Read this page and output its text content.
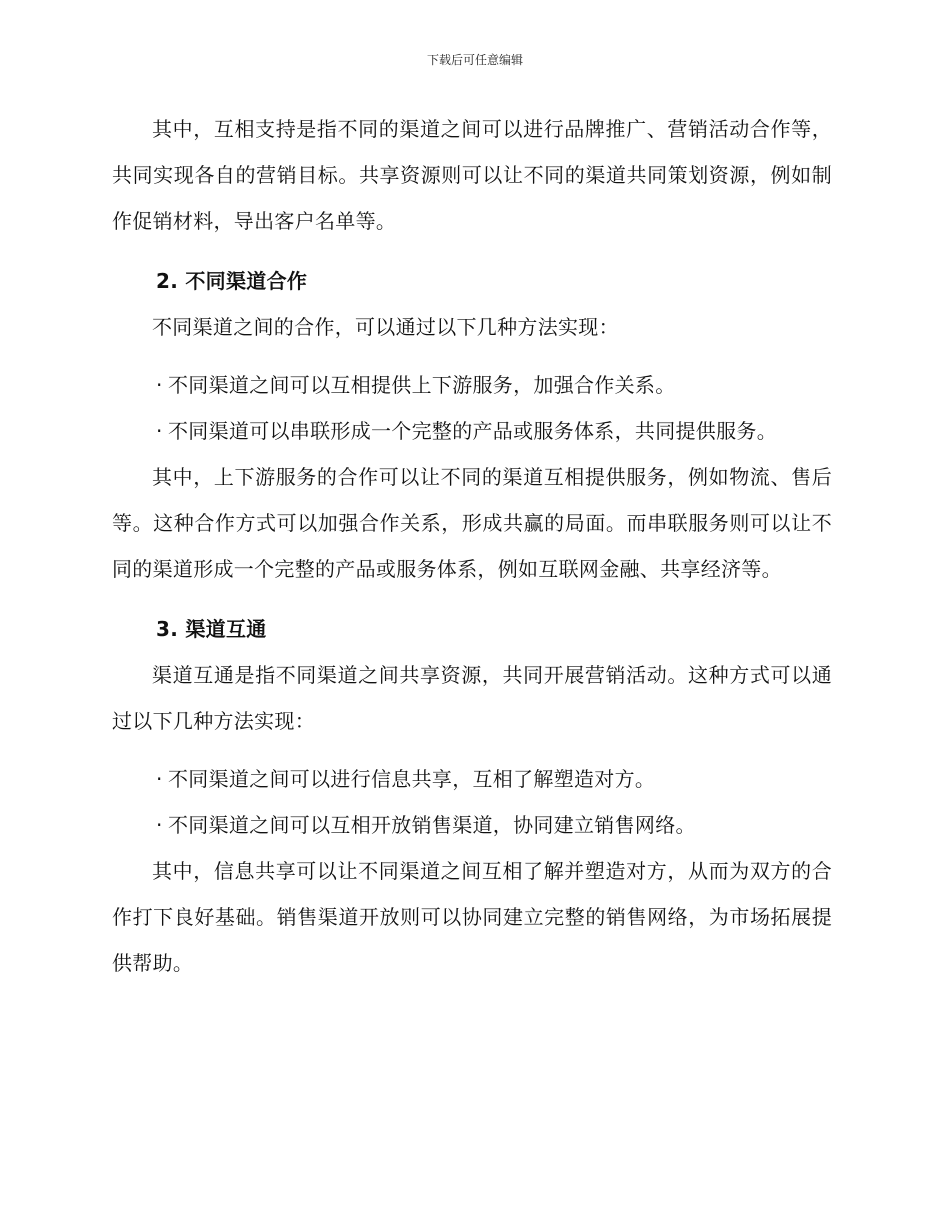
下载后可任意编辑

其中，互相支持是指不同的渠道之间可以进行品牌推广、营销活动合作等，共同实现各自的营销目标。共享资源则可以让不同的渠道共同策划资源，例如制作促销材料，导出客户名单等。

2. 不同渠道合作

不同渠道之间的合作，可以通过以下几种方法实现：

· 不同渠道之间可以互相提供上下游服务，加强合作关系。

· 不同渠道可以串联形成一个完整的产品或服务体系，共同提供服务。

其中，上下游服务的合作可以让不同的渠道互相提供服务，例如物流、售后等。这种合作方式可以加强合作关系，形成共赢的局面。而串联服务则可以让不同的渠道形成一个完整的产品或服务体系，例如互联网金融、共享经济等。

3. 渠道互通

渠道互通是指不同渠道之间共享资源，共同开展营销活动。这种方式可以通过以下几种方法实现：

· 不同渠道之间可以进行信息共享，互相了解塑造对方。

· 不同渠道之间可以互相开放销售渠道，协同建立销售网络。

其中，信息共享可以让不同渠道之间互相了解并塑造对方，从而为双方的合作打下良好基础。销售渠道开放则可以协同建立完整的销售网络，为市场拓展提供帮助。
